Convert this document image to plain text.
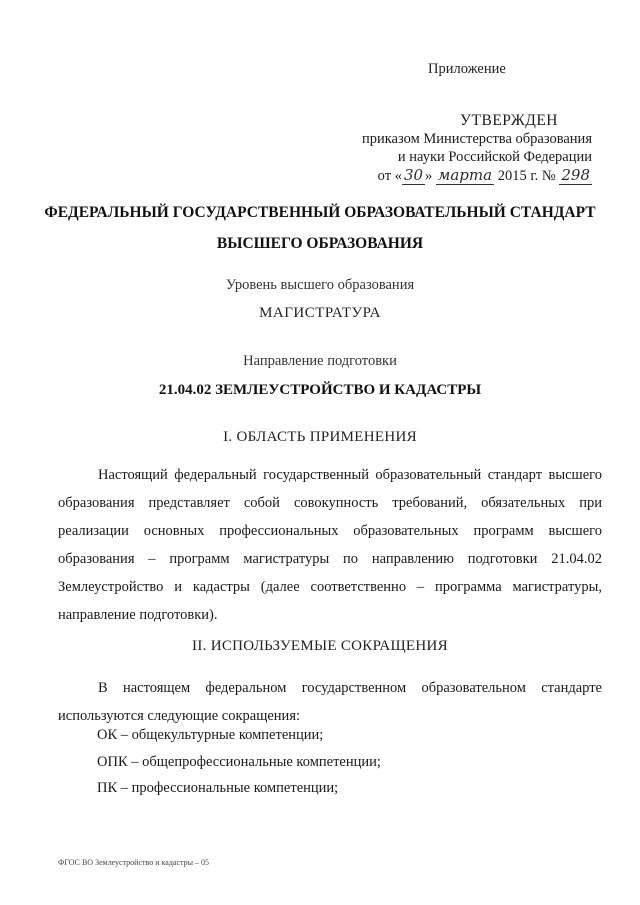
Приложение
УТВЕРЖДЕН
приказом Министерства образования
и науки Российской Федерации
от « 30 » марта 2015 г. № 298
ФЕДЕРАЛЬНЫЙ ГОСУДАРСТВЕННЫЙ ОБРАЗОВАТЕЛЬНЫЙ СТАНДАРТ
ВЫСШЕГО ОБРАЗОВАНИЯ
Уровень высшего образования
МАГИСТРАТУРА
Направление подготовки
21.04.02 ЗЕМЛЕУСТРОЙСТВО И КАДАСТРЫ
I. ОБЛАСТЬ ПРИМЕНЕНИЯ
Настоящий федеральный государственный образовательный стандарт высшего образования представляет собой совокупность требований, обязательных при реализации основных профессиональных образовательных программ высшего образования – программ магистратуры по направлению подготовки 21.04.02 Землеустройство и кадастры (далее соответственно – программа магистратуры, направление подготовки).
II. ИСПОЛЬЗУЕМЫЕ СОКРАЩЕНИЯ
В настоящем федеральном государственном образовательном стандарте используются следующие сокращения:
ОК – общекультурные компетенции;
ОПК – общепрофессиональные компетенции;
ПК – профессиональные компетенции;
ФГОС ВО Землеустройство и кадастры – 05
